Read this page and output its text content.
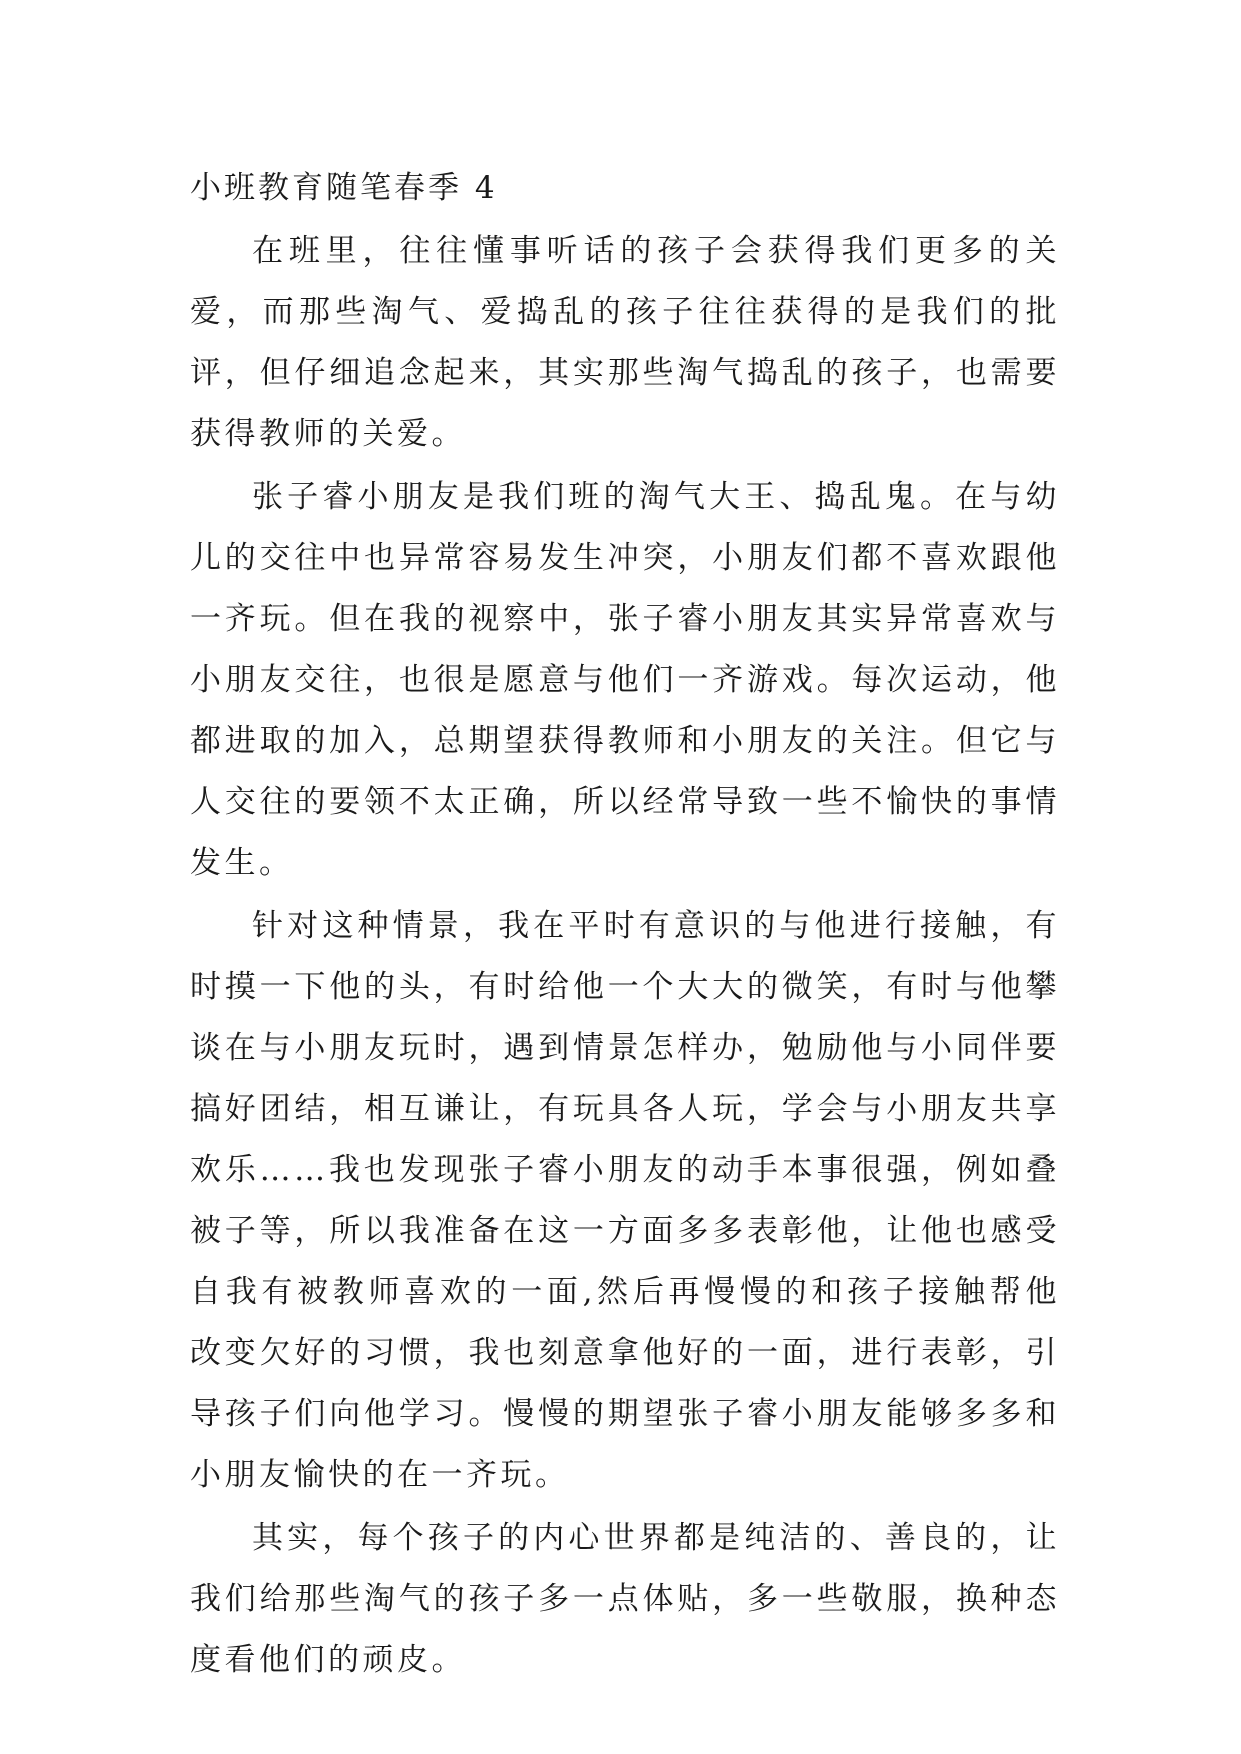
小班教育随笔春季 4

在班里，往往懂事听话的孩子会获得我们更多的关爱，而那些淘气、爱捣乱的孩子往往获得的是我们的批评，但仔细追念起来，其实那些淘气捣乱的孩子，也需要获得教师的关爱。

张子睿小朋友是我们班的淘气大王、捣乱鬼。在与幼儿的交往中也异常容易发生冲突，小朋友们都不喜欢跟他一齐玩。但在我的视察中，张子睿小朋友其实异常喜欢与小朋友交往，也很是愿意与他们一齐游戏。每次运动，他都进取的加入，总期望获得教师和小朋友的关注。但它与人交往的要领不太正确，所以经常导致一些不愉快的事情发生。

针对这种情景，我在平时有意识的与他进行接触，有时摸一下他的头，有时给他一个大大的微笑，有时与他攀谈在与小朋友玩时，遇到情景怎样办，勉励他与小同伴要搞好团结，相互谦让，有玩具各人玩，学会与小朋友共享欢乐……我也发现张子睿小朋友的动手本事很强，例如叠被子等，所以我准备在这一方面多多表彰他，让他也感受自我有被教师喜欢的一面,然后再慢慢的和孩子接触帮他改变欠好的习惯，我也刻意拿他好的一面，进行表彰，引导孩子们向他学习。慢慢的期望张子睿小朋友能够多多和小朋友愉快的在一齐玩。

其实，每个孩子的内心世界都是纯洁的、善良的，让我们给那些淘气的孩子多一点体贴，多一些敬服，换种态度看他们的顽皮。
